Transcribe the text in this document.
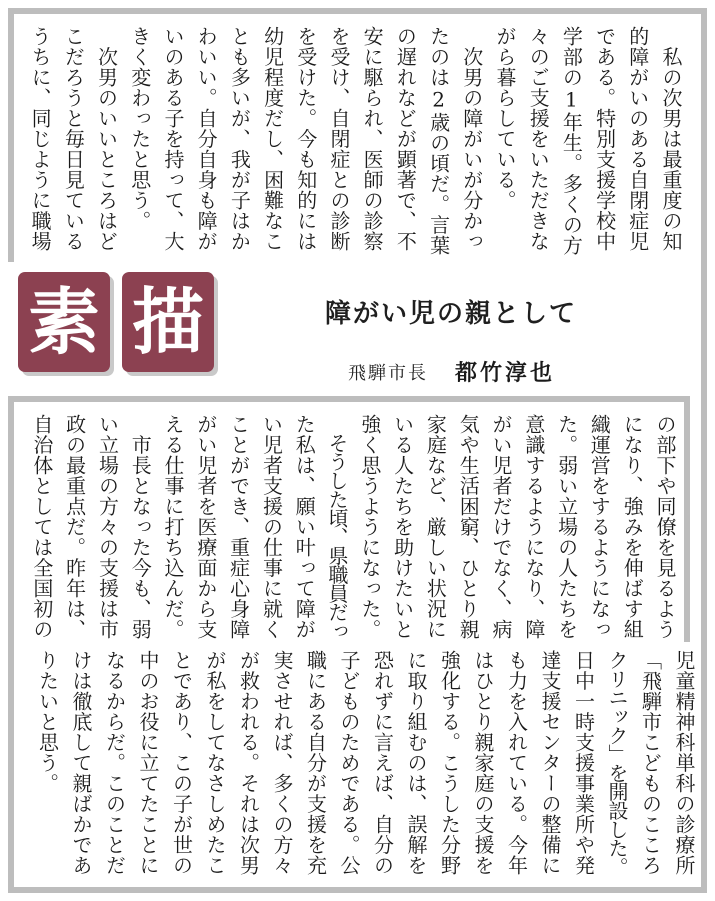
　私の次男は最重度の知
的障がいのある自閉症児
である。特別支援学校中
学部の1年生。多くの方
々のご支援をいただきな
がら暮らしている。
　次男の障がいが分かっ
たのは2歳の頃だ。言葉
の遅れなどが顕著で、不
安に駆られ、医師の診察
を受け、自閉症との診断
を受けた。今も知的には
幼児程度だし、困難なこ
とも多いが、我が子はか
わいい。自分自身も障が
いのある子を持って、大
きく変わったと思う。
　次男のいいところはど
こだろうと毎日見ている
うちに、同じように職場
素 描	障がい児の親として
飛騨市長 都竹淳也
の部下や同僚を見るよう
になり、強みを伸ばす組
織運営をするようになっ
た。弱い立場の人たちを
意識するようになり、障
がい児者だけでなく、病
気や生活困窮、ひとり親
家庭など、厳しい状況に
いる人たちを助けたいと
強く思うようになった。
　そうした頃、県職員だっ
た私は、願い叶って障が
い児者支援の仕事に就く
ことができ、重症心身障
がい児者を医療面から支
える仕事に打ち込んだ。
　市長となった今も、弱
い立場の方々の支援は市
政の最重点だ。昨年は、
自治体としては全国初の
児童精神科単科の診療所
「飛騨市こどものこころ
クリニック」を開設した。
日中一時支援事業所や発
達支援センターの整備に
も力を入れている。今年
はひとり親家庭の支援を
強化する。こうした分野
に取り組むのは、誤解を
恐れずに言えば、自分の
子どものためである。公
職にある自分が支援を充
実させれば、多くの方々
が救われる。それは次男
が私をしてなさしめたこ
とであり、この子が世の
中のお役に立てたことに
なるからだ。このことだ
けは徹底して親ばかであ
りたいと思う。
